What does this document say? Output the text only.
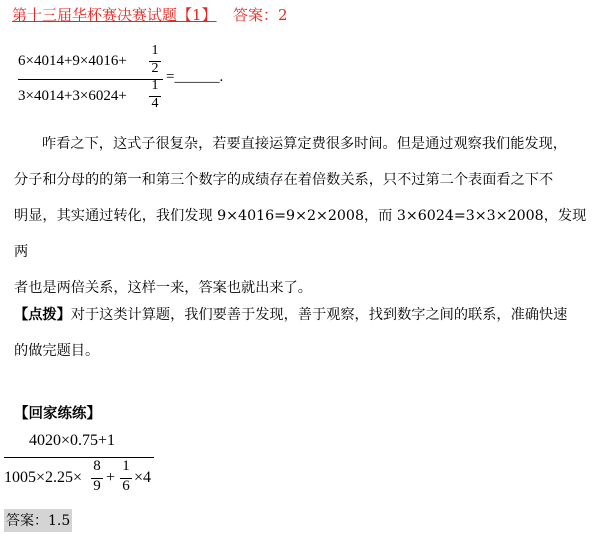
第十三届华杯赛决赛试题【1】 答案：2
6×4014+9×4016+
1
2
3×4014+3×6024+
1
4
=______.
咋看之下，这式子很复杂，若要直接运算定费很多时间。但是通过观察我们能发现，
分子和分母的的第一和第三个数字的成绩存在着倍数关系，只不过第二个表面看之下不
明显，其实通过转化，我们发现 9×4016=9×2×2008，而 3×6024=3×3×2008，发现两
者也是两倍关系，这样一来，答案也就出来了。
【点拨】对于这类计算题，我们要善于发现，善于观察，找到数字之间的联系，准确快速
的做完题目。
【回家练练】
4020×0.75+1
1005×2.25×
8
9 +
1
6 ×4
答案：1.5
